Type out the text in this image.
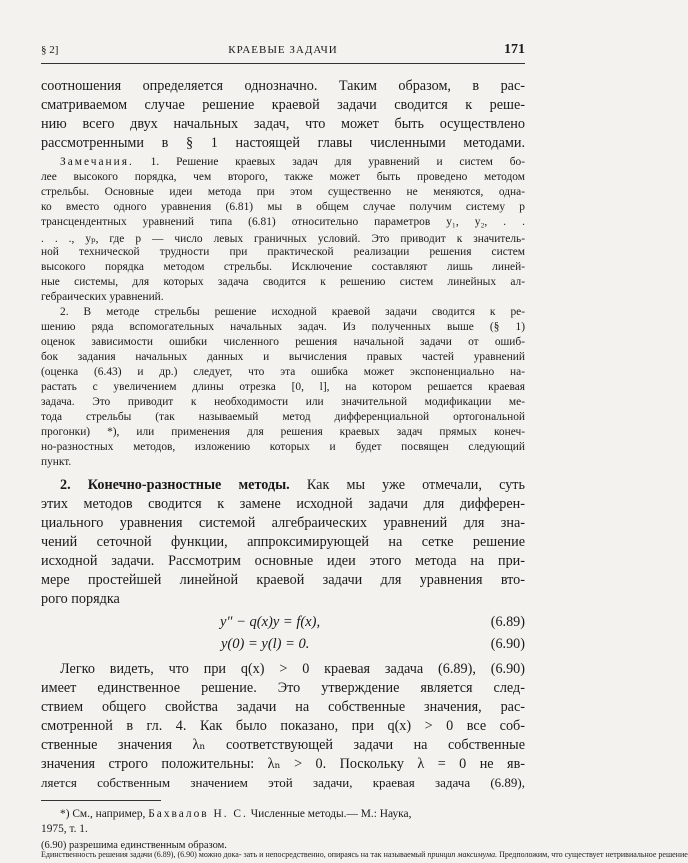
§ 2]	КРАЕВЫЕ ЗАДАЧИ	171
соотношения определяется однозначно. Таким образом, в рас-
сматриваемом случае решение краевой задачи сводится к реше-
нию всего двух начальных задач, что может быть осуществлено
рассмотренными в § 1 настоящей главы численными методами.
Замечания. 1. Решение краевых задач для уравнений и систем бо-
лее высокого порядка, чем второго, также может быть проведено методом
стрельбы. Основные идеи метода при этом существенно не меняются, одна-
ко вместо одного уравнения (6.81) мы в общем случае получим систему p
трансцендентных уравнений типа (6.81) относительно параметров y₁, y₂, . .
. . ., yₚ, где p — число левых граничных условий. Это приводит к значитель-
ной технической трудности при практической реализации решения систем
высокого порядка методом стрельбы. Исключение составляют лишь линей-
ные системы, для которых задача сводится к решению систем линейных ал-
гебраических уравнений.
2. В методе стрельбы решение исходной краевой задачи сводится к ре-
шению ряда вспомогательных начальных задач. Из полученных выше (§ 1)
оценок зависимости ошибки численного решения начальной задачи от ошиб-
бок задания начальных данных и вычисления правых частей уравнений
(оценка (6.43) и др.) следует, что эта ошибка может экспоненциально на-
растать с увеличением длины отрезка [0, l], на котором решается краевая
задача. Это приводит к необходимости или значительной модификации ме-
тода стрельбы (так называемый метод дифференциальной ортогональной
прогонки) *), или применения для решения краевых задач прямых конеч-
но-разностных методов, изложению которых и будет посвящен следующий
пункт.
2. Конечно-разностные методы. Как мы уже отмечали, суть
этих методов сводится к замене исходной задачи для дифферен-
циального уравнения системой алгебраических уравнений для зна-
чений сеточной функции, аппроксимирующей на сетке решение
исходной задачи. Рассмотрим основные идеи этого метода на при-
мере простейшей линейной краевой задачи для уравнения вто-
рого порядка
y″ − q(x)y = f(x),	(6.89)
y(0) = y(l) = 0.	(6.90)
Легко видеть, что при q(x) > 0 краевая задача (6.89), (6.90)
имеет единственное решение. Это утверждение является след-
ствием общего свойства задачи на собственные значения, рас-
смотренной в гл. 4. Как было показано, при q(x) > 0 все соб-
ственные значения λₙ соответствующей задачи на собственные
значения строго положительны: λₙ > 0. Поскольку λ = 0 не яв-
*) См., например, Бахвалов Н. С. Численные методы.— М.: Наука,
1975, т. 1.
ляется собственным значением этой задачи, краевая задача (6.89),
(6.90) разрешима единственным образом.
Единственность решения задачи (6.89), (6.90) можно дока- зать и непосредственно, опираясь на так называемый принцип максимума. Предположим, что существует нетривиальное решение
